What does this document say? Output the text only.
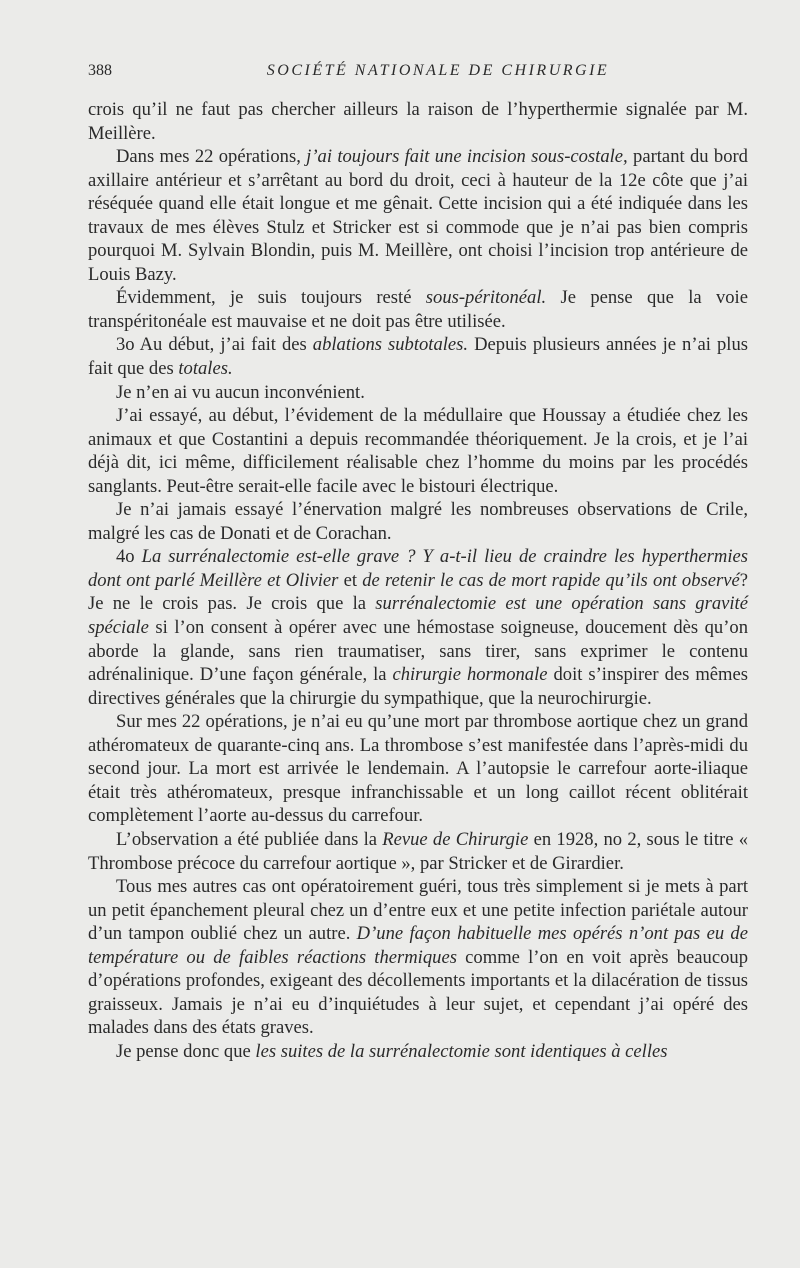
388	SOCIÉTÉ NATIONALE DE CHIRURGIE

crois qu’il ne faut pas chercher ailleurs la raison de l’hyperthermie signalée par M. Meillère.

Dans mes 22 opérations, j’ai toujours fait une incision sous-costale, partant du bord axillaire antérieur et s’arrêtant au bord du droit, ceci à hauteur de la 12e côte que j’ai réséquée quand elle était longue et me gênait. Cette incision qui a été indiquée dans les travaux de mes élèves Stulz et Stricker est si commode que je n’ai pas bien compris pourquoi M. Sylvain Blondin, puis M. Meillère, ont choisi l’incision trop antérieure de Louis Bazy.

Évidemment, je suis toujours resté sous-péritonéal. Je pense que la voie transpéritonéale est mauvaise et ne doit pas être utilisée.

3o Au début, j’ai fait des ablations subtotales. Depuis plusieurs années je n’ai plus fait que des totales.

Je n’en ai vu aucun inconvénient.

J’ai essayé, au début, l’évidement de la médullaire que Houssay a étudiée chez les animaux et que Costantini a depuis recommandée théoriquement. Je la crois, et je l’ai déjà dit, ici même, difficilement réalisable chez l’homme du moins par les procédés sanglants. Peut-être serait-elle facile avec le bistouri électrique.

Je n’ai jamais essayé l’énervation malgré les nombreuses observations de Crile, malgré les cas de Donati et de Corachan.

4o La surrénalectomie est-elle grave ? Y a-t-il lieu de craindre les hyperthermies dont ont parlé Meillère et Olivier et de retenir le cas de mort rapide qu’ils ont observé? Je ne le crois pas. Je crois que la surrénalectomie est une opération sans gravité spéciale si l’on consent à opérer avec une hémostase soigneuse, doucement dès qu’on aborde la glande, sans rien traumatiser, sans tirer, sans exprimer le contenu adrénalinique. D’une façon générale, la chirurgie hormonale doit s’inspirer des mêmes directives générales que la chirurgie du sympathique, que la neurochirurgie.

Sur mes 22 opérations, je n’ai eu qu’une mort par thrombose aortique chez un grand athéromateux de quarante-cinq ans. La thrombose s’est manifestée dans l’après-midi du second jour. La mort est arrivée le lendemain. A l’autopsie le carrefour aorte-iliaque était très athéromateux, presque infranchissable et un long caillot récent oblitérait complètement l’aorte au-dessus du carrefour.

L’observation a été publiée dans la Revue de Chirurgie en 1928, no 2, sous le titre « Thrombose précoce du carrefour aortique », par Stricker et de Girardier.

Tous mes autres cas ont opératoirement guéri, tous très simplement si je mets à part un petit épanchement pleural chez un d’entre eux et une petite infection pariétale autour d’un tampon oublié chez un autre. D’une façon habituelle mes opérés n’ont pas eu de température ou de faibles réactions thermiques comme l’on en voit après beaucoup d’opérations profondes, exigeant des décollements importants et la dilacération de tissus graisseux. Jamais je n’ai eu d’inquiétudes à leur sujet, et cependant j’ai opéré des malades dans des états graves.

Je pense donc que les suites de la surrénalectomie sont identiques à celles
